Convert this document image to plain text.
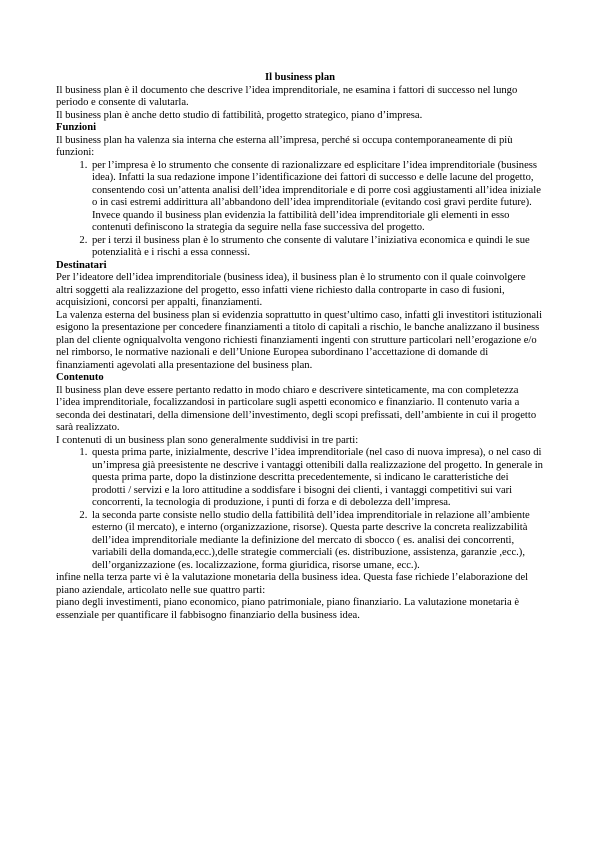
Il business plan

Il business plan è il documento che descrive l’idea imprenditoriale, ne esamina i fattori di successo nel lungo periodo e consente di valutarla.

Il business plan è anche detto studio di fattibilità, progetto strategico, piano d’impresa.

Funzioni

Il business plan ha valenza sia interna che esterna all’impresa, perché si occupa contemporaneamente di più funzioni:

1. per l’impresa è lo strumento che consente di razionalizzare ed esplicitare l’idea imprenditoriale (business idea). Infatti la sua redazione impone l’identificazione dei fattori di successo e delle lacune del progetto, consentendo così un’attenta analisi dell’idea imprenditoriale e di porre così aggiustamenti all’idea iniziale o in casi estremi addirittura all’abbandono dell’idea imprenditoriale (evitando così gravi perdite future). Invece quando il business plan evidenzia la fattibilità dell’idea imprenditoriale gli elementi in esso contenuti definiscono la strategia da seguire nella fase successiva del progetto.
2. per i terzi il business plan è lo strumento che consente di valutare l’iniziativa economica e quindi le sue potenzialità e i rischi a essa connessi.

Destinatari

Per l’ideatore dell’idea imprenditoriale (business idea), il business plan è lo strumento con il quale coinvolgere altri soggetti ala realizzazione del progetto, esso infatti viene richiesto dalla controparte in caso di fusioni, acquisizioni, concorsi per appalti, finanziamenti.

La valenza esterna del business plan si evidenzia soprattutto in quest’ultimo caso, infatti gli investitori istituzionali esigono la presentazione per concedere finanziamenti a titolo di capitali a rischio, le banche analizzano il business plan del cliente ogniqualvolta vengono richiesti finanziamenti ingenti con strutture particolari nell’erogazione e/o nel rimborso, le normative nazionali e dell’Unione Europea subordinano l’accettazione di domande di finanziamenti agevolati alla presentazione del business plan.

Contenuto

Il business plan deve essere pertanto redatto in modo chiaro e descrivere sinteticamente, ma con completezza l’idea imprenditoriale, focalizzandosi in particolare sugli aspetti economico e finanziario. Il contenuto varia a seconda dei destinatari, della dimensione dell’investimento, degli scopi prefissati, dell’ambiente in cui il progetto sarà realizzato.

I contenuti di un business plan sono generalmente suddivisi in tre parti:

1. questa prima parte, inizialmente, descrive l’idea imprenditoriale (nel caso di nuova impresa), o nel caso di un’impresa già preesistente ne descrive i vantaggi ottenibili dalla realizzazione del progetto. In generale in questa prima parte, dopo la distinzione descritta precedentemente, si indicano le caratteristiche dei prodotti / servizi e la loro attitudine a soddisfare i bisogni dei clienti, i vantaggi competitivi sui vari concorrenti, la tecnologia di produzione, i punti di forza e di debolezza dell’impresa.
2. la seconda parte consiste nello studio della fattibilità dell’idea imprenditoriale in relazione all’ambiente esterno (il mercato), e interno (organizzazione, risorse). Questa parte descrive la concreta realizzabilità dell’idea imprenditoriale mediante la definizione del mercato di sbocco ( es. analisi dei concorrenti, variabili della domanda,ecc.),delle strategie commerciali (es. distribuzione, assistenza, garanzie ,ecc.), dell’organizzazione (es. localizzazione, forma giuridica, risorse umane, ecc.).

infine nella terza parte vi è la valutazione monetaria della business idea. Questa fase richiede l’elaborazione del piano aziendale, articolato nelle sue quattro parti:

piano degli investimenti, piano economico, piano patrimoniale, piano finanziario. La valutazione monetaria è essenziale per quantificare il fabbisogno finanziario della business idea.
